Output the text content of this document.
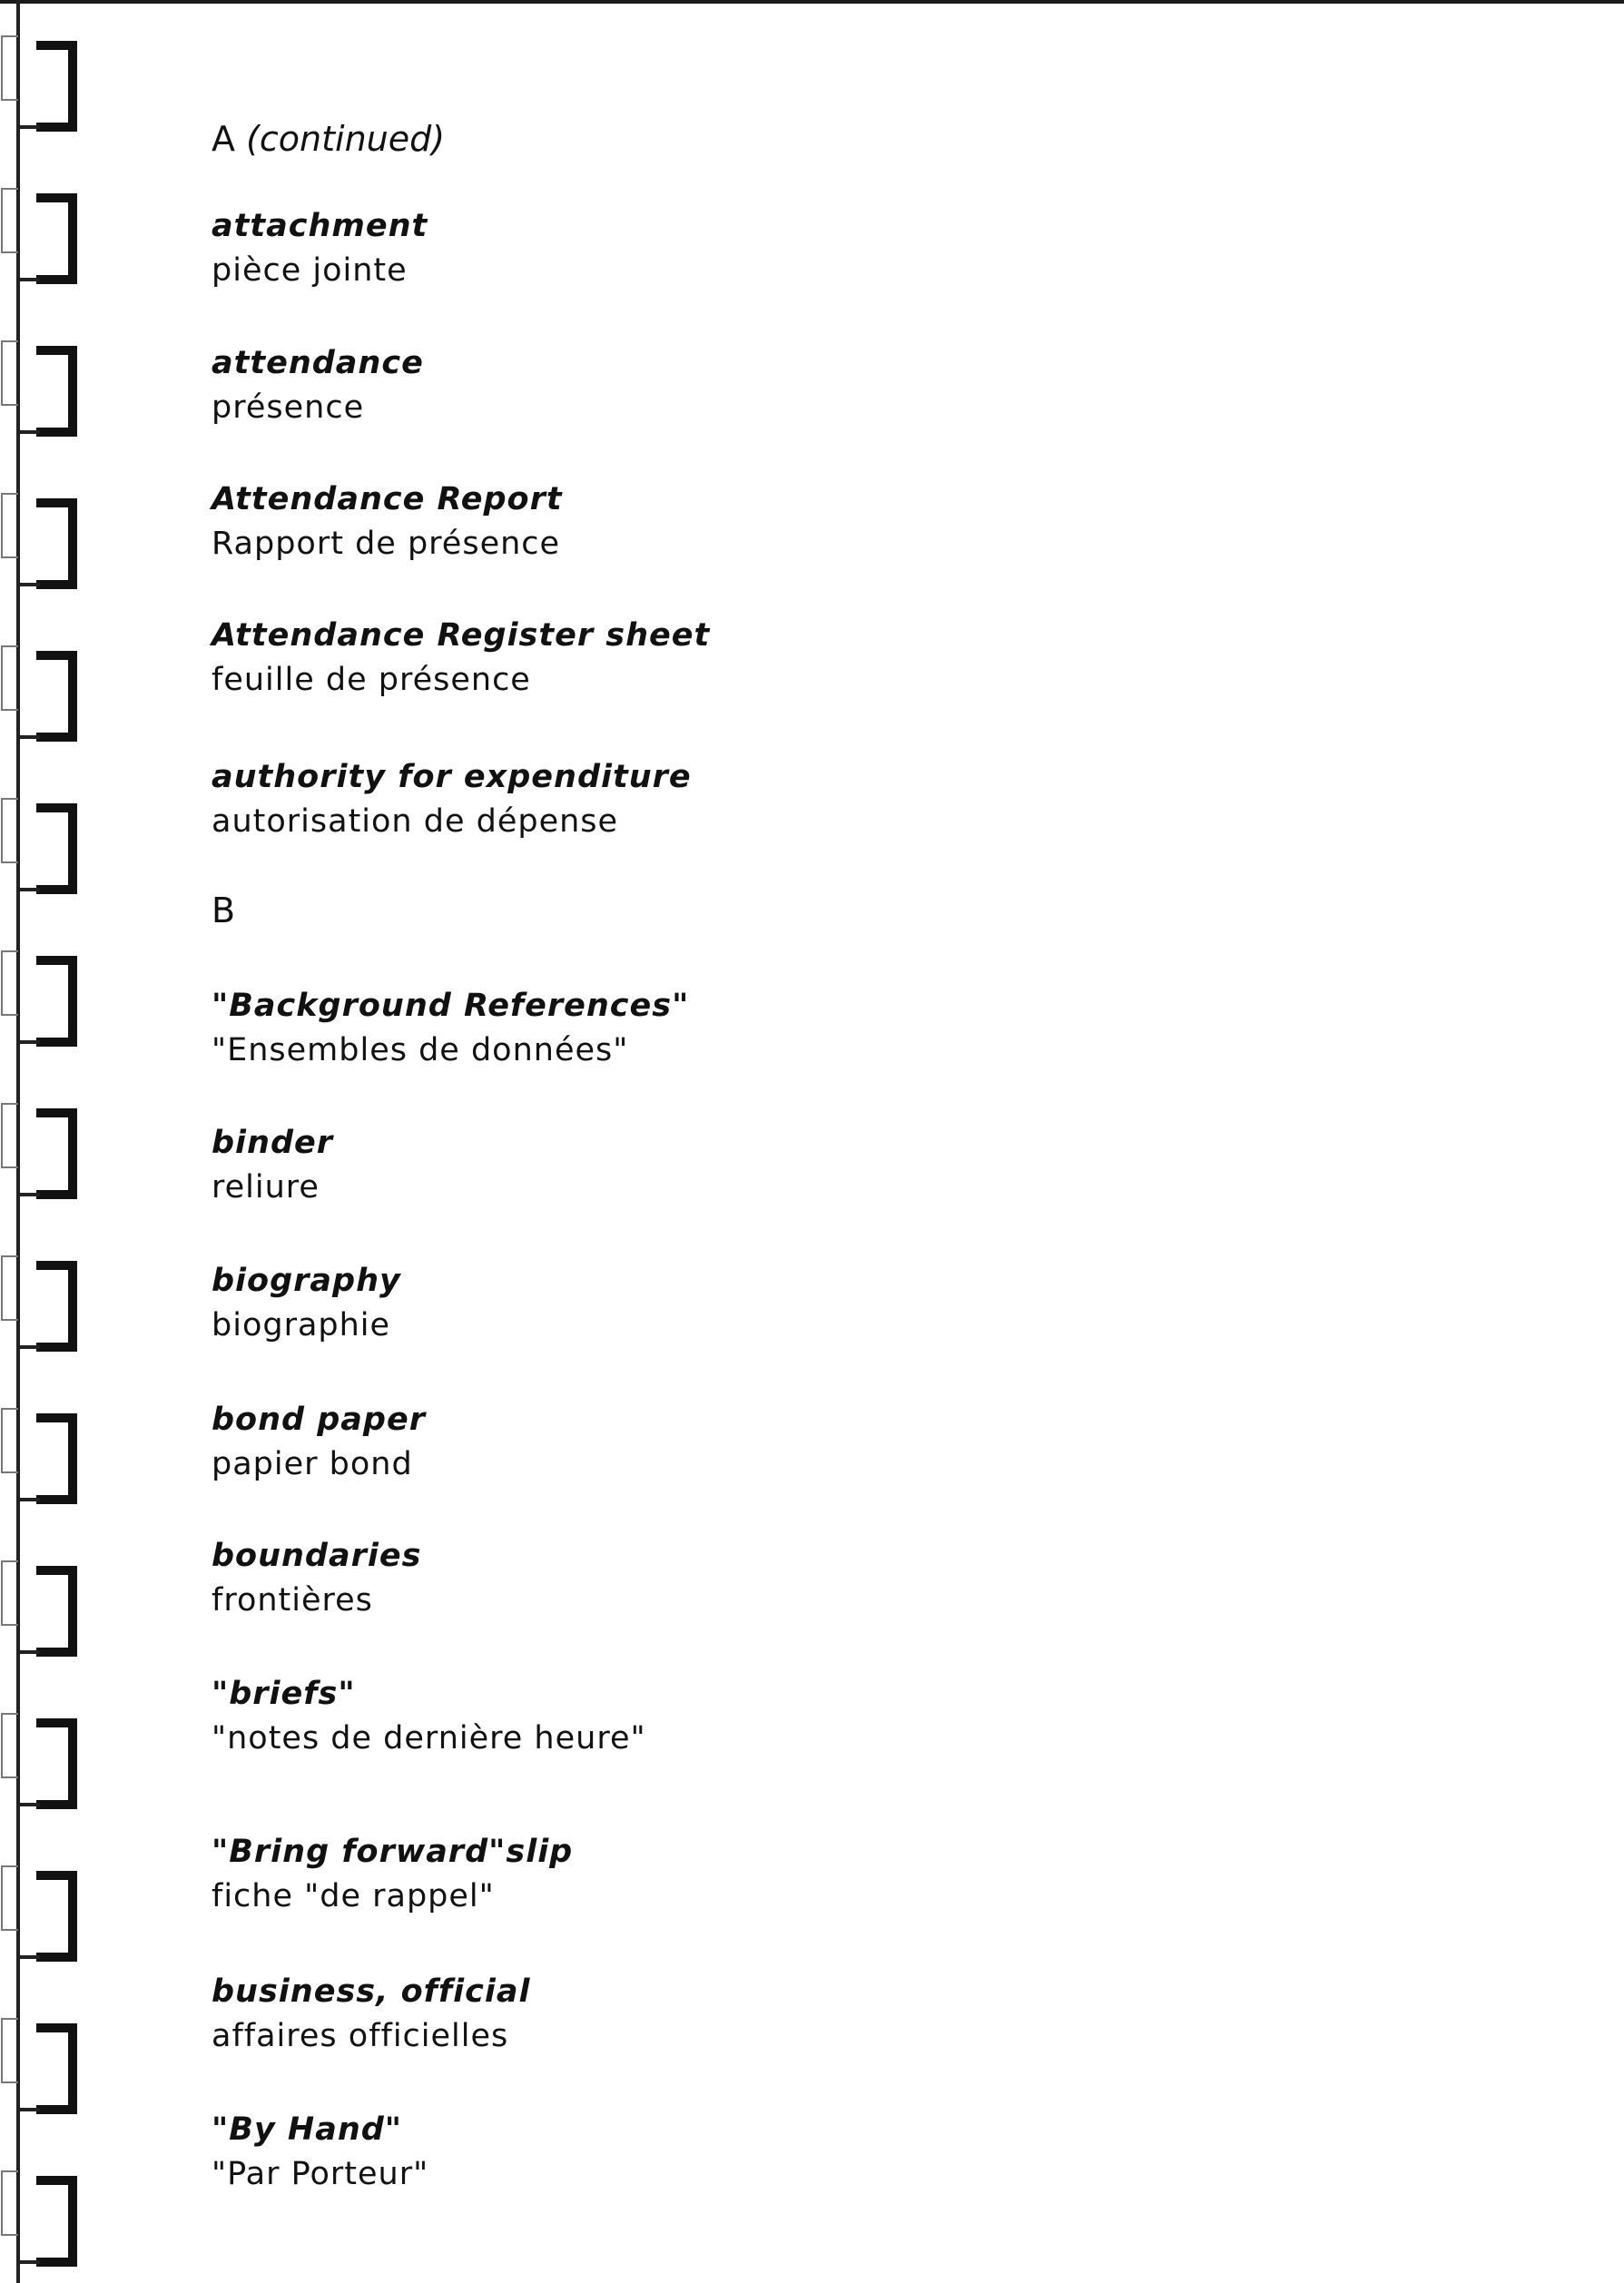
A (continued)
attachment
pièce jointe
attendance
présence
Attendance Report
Rapport de présence
Attendance Register sheet
feuille de présence
authority for expenditure
autorisation de dépense
B
"Background References"
"Ensembles de données"
binder
reliure
biography
biographie
bond paper
papier bond
boundaries
frontières
"briefs"
"notes de dernière heure"
"Bring forward"slip
fiche "de rappel"
business, official
affaires officielles
"By Hand"
"Par Porteur"
